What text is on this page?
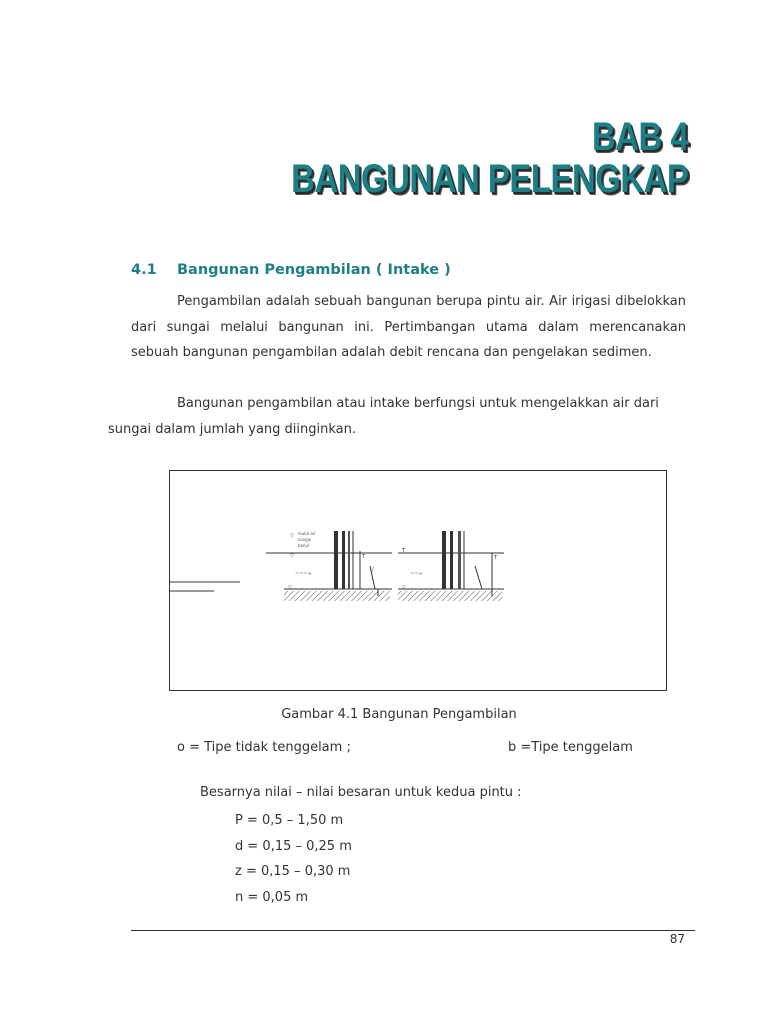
BAB 4
BANGUNAN PELENGKAP
4.1 Bangunan Pengambilan ( Intake )
Pengambilan adalah sebuah bangunan berupa pintu air. Air irigasi dibelokkan dari sungai melalui bangunan ini. Pertimbangan utama dalam merencanakan sebuah bangunan pengambilan adalah debit rencana dan pengelakan sedimen.
Bangunan pengambilan atau intake berfungsi untuk mengelakkan air dari
sungai dalam jumlah yang diinginkan.
▽ muka air
sungai
banjir
▽
~~~≈
▽
T
/
T
~~≈
▽
T
Gambar 4.1 Bangunan Pengambilan
o = Tipe tidak tenggelam ;	b =Tipe tenggelam
Besarnya nilai – nilai besaran untuk kedua pintu :
P = 0,5 – 1,50 m
d = 0,15 – 0,25 m
z = 0,15 – 0,30 m
n = 0,05 m
87
